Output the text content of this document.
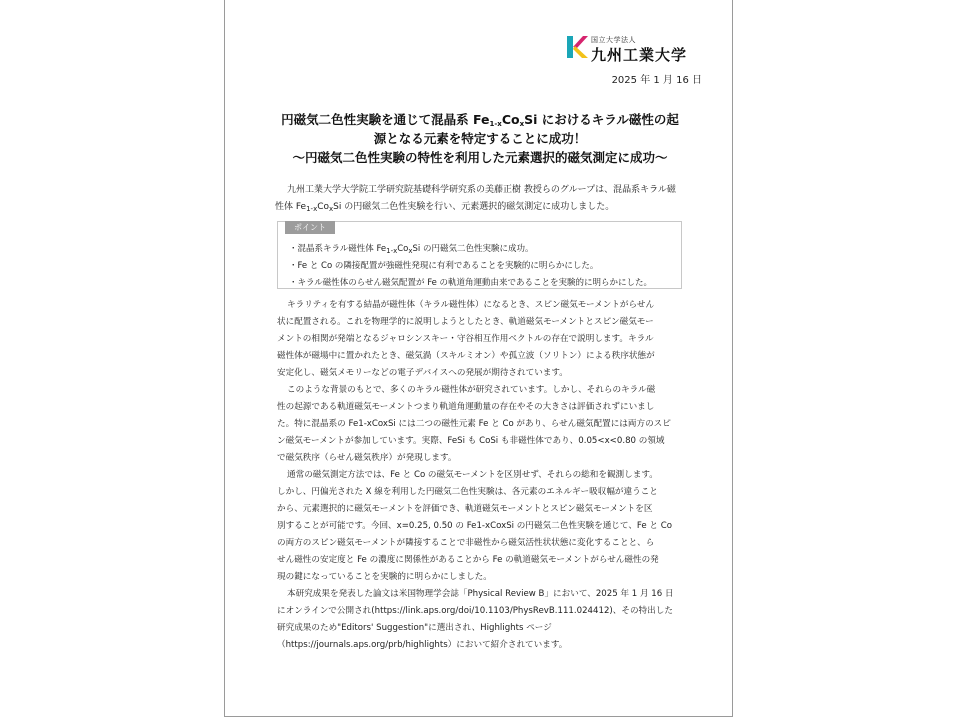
国立大学法人
九州工業大学
2025 年 1 月 16 日
円磁気二色性実験を通じて混晶系 $Fe_{1-x}Co_xSi$ におけるキラル磁性の起
源となる元素を特定することに成功！
〜円磁気二色性実験の特性を利用した元素選択的磁気測定に成功〜
九州工業大学大学院工学研究院基礎科学研究系の美藤正樹 教授らのグループは、混晶系キラル磁
性体 $Fe_{1-x}Co_xSi$ の円磁気二色性実験を行い、元素選択的磁気測定に成功しました。
ポイント
・混晶系キラル磁性体 $Fe_{1-x}Co_xSi$ の円磁気二色性実験に成功。
・Fe と Co の隣接配置が強磁性発現に有利であることを実験的に明らかにした。
・キラル磁性体のらせん磁気配置が Fe の軌道角運動由来であることを実験的に明らかにした。
キラリティを有する結晶が磁性体（キラル磁性体）になるとき、スピン磁気モーメントがらせん
状に配置される。これを物理学的に説明しようとしたとき、軌道磁気モーメントとスピン磁気モー
メントの相関が発端となるジャロシンスキー・守谷相互作用ベクトルの存在で説明します。キラル
磁性体が磁場中に置かれたとき、磁気渦（スキルミオン）や孤立波（ソリトン）による秩序状態が
安定化し、磁気メモリーなどの電子デバイスへの発展が期待されています。
このような背景のもとで、多くのキラル磁性体が研究されています。しかし、それらのキラル磁
性の起源である軌道磁気モーメントつまり軌道角運動量の存在やその大きさは評価されずにいまし
た。特に混晶系の Fe1-xCoxSi には二つの磁性元素 Fe と Co があり、らせん磁気配置には両方のスピ
ン磁気モーメントが参加しています。実際、FeSi も CoSi も非磁性体であり、0.05<x<0.80 の領域
で磁気秩序（らせん磁気秩序）が発現します。
通常の磁気測定方法では、Fe と Co の磁気モーメントを区別せず、それらの総和を観測します。
しかし、円偏光された X 線を利用した円磁気二色性実験は、各元素のエネルギー吸収幅が違うこと
から、元素選択的に磁気モーメントを評価でき、軌道磁気モーメントとスピン磁気モーメントを区
別することが可能です。今回、x=0.25, 0.50 の Fe1-xCoxSi の円磁気二色性実験を通じて、Fe と Co
の両方のスピン磁気モーメントが隣接することで非磁性から磁気活性状状態に変化することと、ら
せん磁性の安定度と Fe の濃度に関係性があることから Fe の軌道磁気モーメントがらせん磁性の発
現の鍵になっていることを実験的に明らかにしました。
本研究成果を発表した論文は米国物理学会誌「Physical Review B」において、2025 年 1 月 16 日
にオンラインで公開され(https://link.aps.org/doi/10.1103/PhysRevB.111.024412)、その特出した
研究成果のため"Editors' Suggestion"に選出され、Highlights ページ
（https://journals.aps.org/prb/highlights）において紹介されています。
